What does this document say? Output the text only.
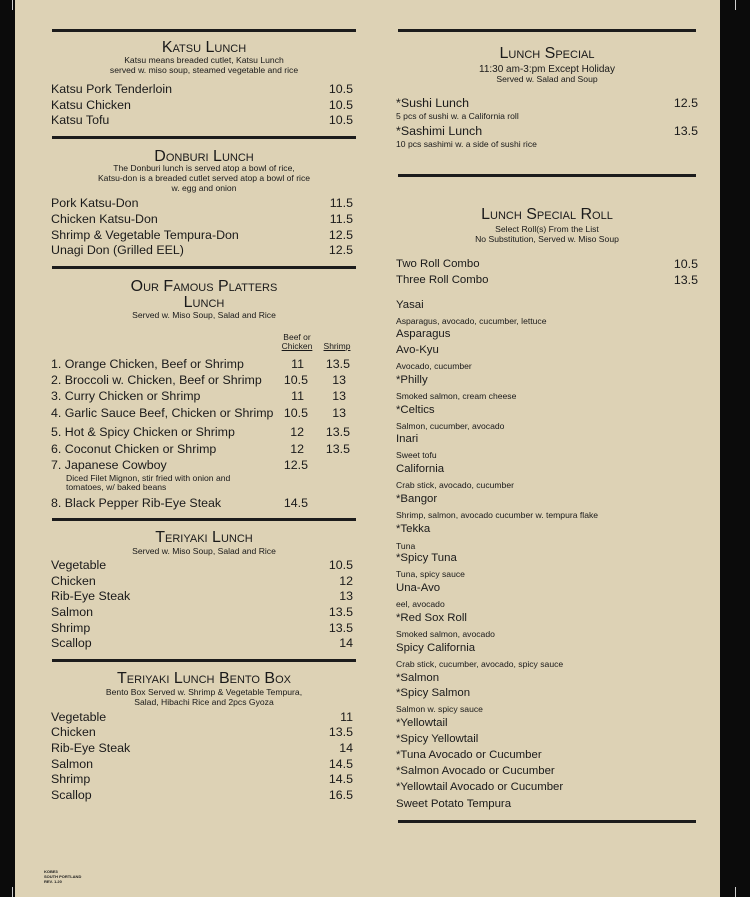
Katsu Lunch
Katsu means breaded cutlet, Katsu Lunch
served w. miso soup, steamed vegetable and rice
Katsu Pork Tenderloin	10.5
Katsu Chicken	10.5
Katsu Tofu	10.5
Donburi Lunch
The Donburi lunch is served atop a bowl of rice,
Katsu-don is a breaded cutlet served atop a bowl of rice
w. egg and onion
Pork Katsu-Don	11.5
Chicken Katsu-Don	11.5
Shrimp & Vegetable Tempura-Don	12.5
Unagi Don (Grilled EEL)	12.5
Our Famous Platters
Lunch
Served w. Miso Soup, Salad and Rice
Beef or
Chicken	Shrimp
1. Orange Chicken, Beef or Shrimp	11	13.5
2. Broccoli w. Chicken, Beef or Shrimp	10.5	13
3. Curry Chicken or Shrimp	11	13
4. Garlic Sauce Beef, Chicken or Shrimp 10.5	13
5. Hot & Spicy Chicken or Shrimp	12	13.5
6. Coconut Chicken or Shrimp	12	13.5
7. Japanese Cowboy	12.5
Diced Filet Mignon, stir fried with onion and
tomatoes, w/ baked beans
8. Black Pepper Rib-Eye Steak	14.5
Teriyaki Lunch
Served w. Miso Soup, Salad and Rice
Vegetable	10.5
Chicken	12
Rib-Eye Steak	13
Salmon	13.5
Shrimp	13.5
Scallop	14
Teriyaki Lunch Bento Box
Bento Box Served w. Shrimp & Vegetable Tempura,
Salad, Hibachi Rice and 2pcs Gyoza
Vegetable	11
Chicken	13.5
Rib-Eye Steak	14
Salmon	14.5
Shrimp	14.5
Scallop	16.5
KOBE3
SOUTH PORTLAND
REV. 1.20
Lunch Special
11:30 am-3:pm Except Holiday
Served w. Salad and Soup
*Sushi Lunch	12.5
5 pcs of sushi w. a California roll
*Sashimi Lunch	13.5
10 pcs sashimi w. a side of sushi rice
Lunch Special Roll
Select Roll(s) From the List
No Substitution, Served w. Miso Soup
Two Roll Combo	10.5
Three Roll Combo	13.5
Yasai
Asparagus, avocado, cucumber, lettuce
Asparagus
Avo-Kyu
Avocado, cucumber
*Philly
Smoked salmon, cream cheese
*Celtics
Salmon, cucumber, avocado
Inari
Sweet tofu
California
Crab stick, avocado, cucumber
*Bangor
Shrimp, salmon, avocado cucumber w. tempura flake
*Tekka
Tuna
*Spicy Tuna
Tuna, spicy sauce
Una-Avo
eel, avocado
*Red Sox Roll
Smoked salmon, avocado
Spicy California
Crab stick, cucumber, avocado, spicy sauce
*Salmon
*Spicy Salmon
Salmon w. spicy sauce
*Yellowtail
*Spicy Yellowtail
*Tuna Avocado or Cucumber
*Salmon Avocado or Cucumber
*Yellowtail Avocado or Cucumber
Sweet Potato Tempura
